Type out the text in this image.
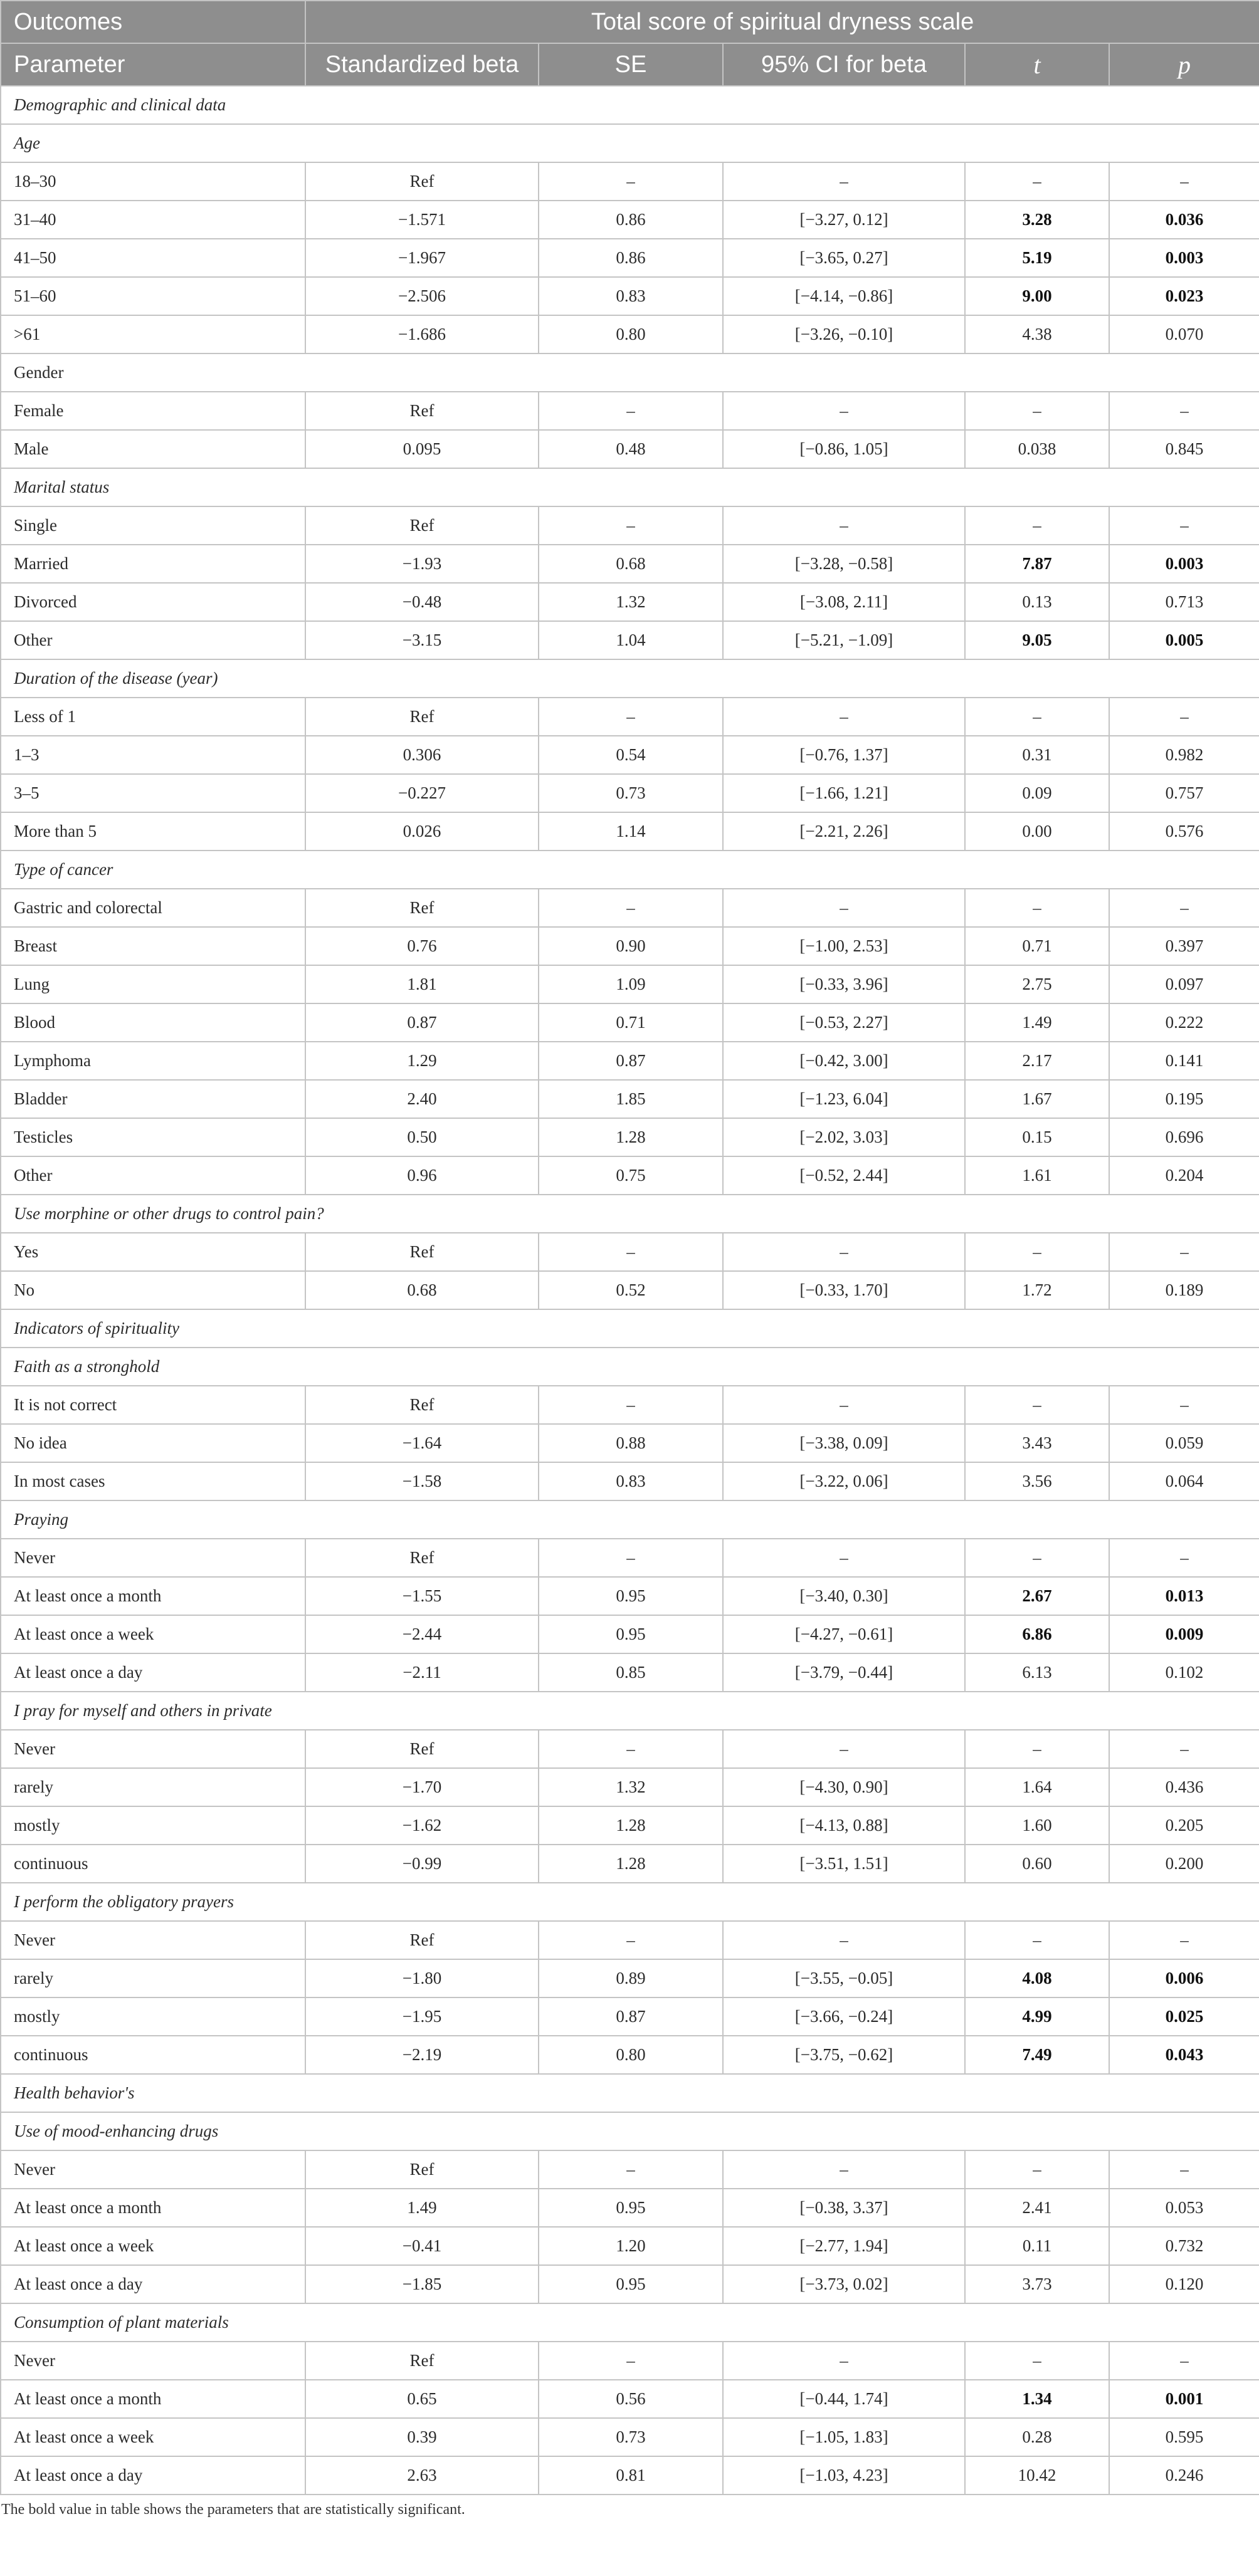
Outcomes	Total score of spiritual dryness scale				
Parameter	Standardized beta	SE	95% CI for beta	t	p
Demographic and clinical data					
Age					
18–30	Ref	–	–	–	–
31–40	−1.571	0.86	[−3.27, 0.12]	3.28	0.036
41–50	−1.967	0.86	[−3.65, 0.27]	5.19	0.003
51–60	−2.506	0.83	[−4.14, −0.86]	9.00	0.023
>61	−1.686	0.80	[−3.26, −0.10]	4.38	0.070
Gender					
Female	Ref	–	–	–	–
Male	0.095	0.48	[−0.86, 1.05]	0.038	0.845
Marital status					
Single	Ref	–	–	–	–
Married	−1.93	0.68	[−3.28, −0.58]	7.87	0.003
Divorced	−0.48	1.32	[−3.08, 2.11]	0.13	0.713
Other	−3.15	1.04	[−5.21, −1.09]	9.05	0.005
Duration of the disease (year)					
Less of 1	Ref	–	–	–	–
1–3	0.306	0.54	[−0.76, 1.37]	0.31	0.982
3–5	−0.227	0.73	[−1.66, 1.21]	0.09	0.757
More than 5	0.026	1.14	[−2.21, 2.26]	0.00	0.576
Type of cancer					
Gastric and colorectal	Ref	–	–	–	–
Breast	0.76	0.90	[−1.00, 2.53]	0.71	0.397
Lung	1.81	1.09	[−0.33, 3.96]	2.75	0.097
Blood	0.87	0.71	[−0.53, 2.27]	1.49	0.222
Lymphoma	1.29	0.87	[−0.42, 3.00]	2.17	0.141
Bladder	2.40	1.85	[−1.23, 6.04]	1.67	0.195
Testicles	0.50	1.28	[−2.02, 3.03]	0.15	0.696
Other	0.96	0.75	[−0.52, 2.44]	1.61	0.204
Use morphine or other drugs to control pain?					
Yes	Ref	–	–	–	–
No	0.68	0.52	[−0.33, 1.70]	1.72	0.189
Indicators of spirituality					
Faith as a stronghold					
It is not correct	Ref	–	–	–	–
No idea	−1.64	0.88	[−3.38, 0.09]	3.43	0.059
In most cases	−1.58	0.83	[−3.22, 0.06]	3.56	0.064
Praying					
Never	Ref	–	–	–	–
At least once a month	−1.55	0.95	[−3.40, 0.30]	2.67	0.013
At least once a week	−2.44	0.95	[−4.27, −0.61]	6.86	0.009
At least once a day	−2.11	0.85	[−3.79, −0.44]	6.13	0.102
I pray for myself and others in private					
Never	Ref	–	–	–	–
rarely	−1.70	1.32	[−4.30, 0.90]	1.64	0.436
mostly	−1.62	1.28	[−4.13, 0.88]	1.60	0.205
continuous	−0.99	1.28	[−3.51, 1.51]	0.60	0.200
I perform the obligatory prayers					
Never	Ref	–	–	–	–
rarely	−1.80	0.89	[−3.55, −0.05]	4.08	0.006
mostly	−1.95	0.87	[−3.66, −0.24]	4.99	0.025
continuous	−2.19	0.80	[−3.75, −0.62]	7.49	0.043
Health behavior's					
Use of mood-enhancing drugs					
Never	Ref	–	–	–	–
At least once a month	1.49	0.95	[−0.38, 3.37]	2.41	0.053
At least once a week	−0.41	1.20	[−2.77, 1.94]	0.11	0.732
At least once a day	−1.85	0.95	[−3.73, 0.02]	3.73	0.120
Consumption of plant materials					
Never	Ref	–	–	–	–
At least once a month	0.65	0.56	[−0.44, 1.74]	1.34	0.001
At least once a week	0.39	0.73	[−1.05, 1.83]	0.28	0.595
At least once a day	2.63	0.81	[−1.03, 4.23]	10.42	0.246
The bold value in table shows the parameters that are statistically significant.
